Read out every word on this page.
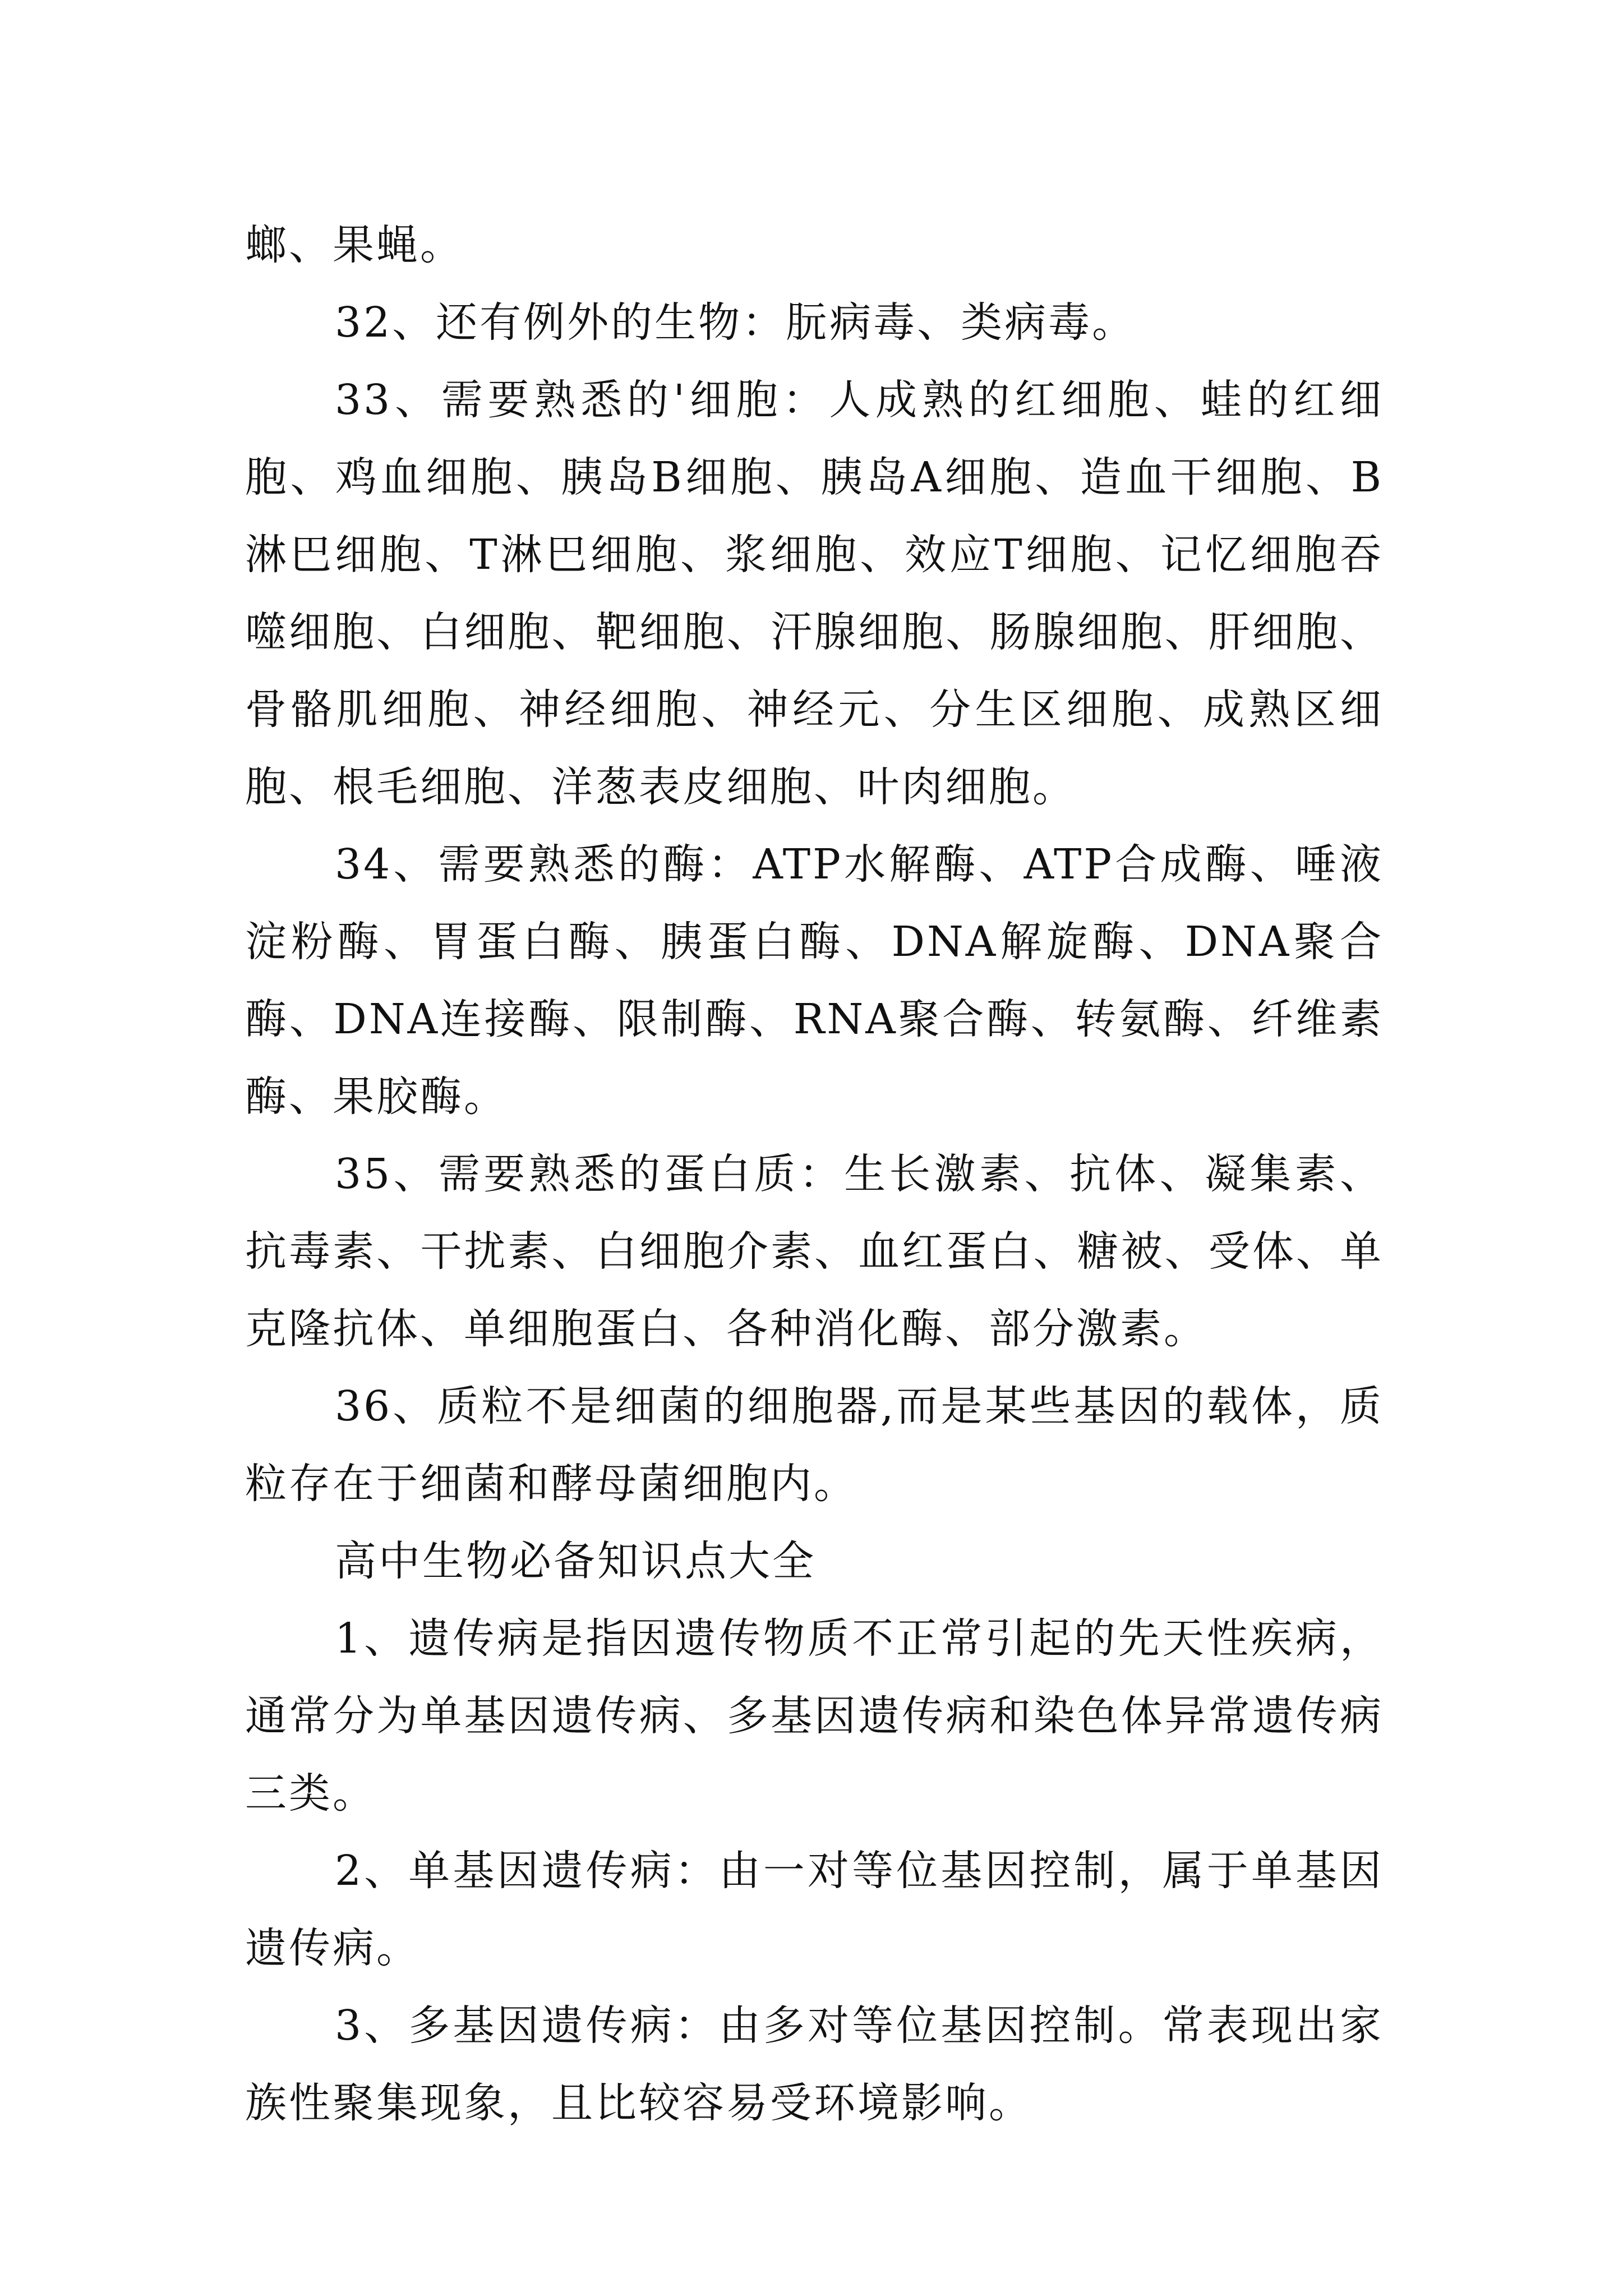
螂、果蝇。

32、还有例外的生物：朊病毒、类病毒。

33、需要熟悉的'细胞：人成熟的红细胞、蛙的红细胞、鸡血细胞、胰岛B细胞、胰岛A细胞、造血干细胞、B淋巴细胞、T淋巴细胞、浆细胞、效应T细胞、记忆细胞吞噬细胞、白细胞、靶细胞、汗腺细胞、肠腺细胞、肝细胞、骨骼肌细胞、神经细胞、神经元、分生区细胞、成熟区细胞、根毛细胞、洋葱表皮细胞、叶肉细胞。

34、需要熟悉的酶：ATP水解酶、ATP合成酶、唾液淀粉酶、胃蛋白酶、胰蛋白酶、DNA解旋酶、DNA聚合酶、DNA连接酶、限制酶、RNA聚合酶、转氨酶、纤维素酶、果胶酶。

35、需要熟悉的蛋白质：生长激素、抗体、凝集素、抗毒素、干扰素、白细胞介素、血红蛋白、糖被、受体、单克隆抗体、单细胞蛋白、各种消化酶、部分激素。

36、质粒不是细菌的细胞器,而是某些基因的载体，质粒存在于细菌和酵母菌细胞内。

高中生物必备知识点大全

1、遗传病是指因遗传物质不正常引起的先天性疾病，通常分为单基因遗传病、多基因遗传病和染色体异常遗传病三类。

2、单基因遗传病：由一对等位基因控制，属于单基因遗传病。

3、多基因遗传病：由多对等位基因控制。常表现出家族性聚集现象，且比较容易受环境影响。
